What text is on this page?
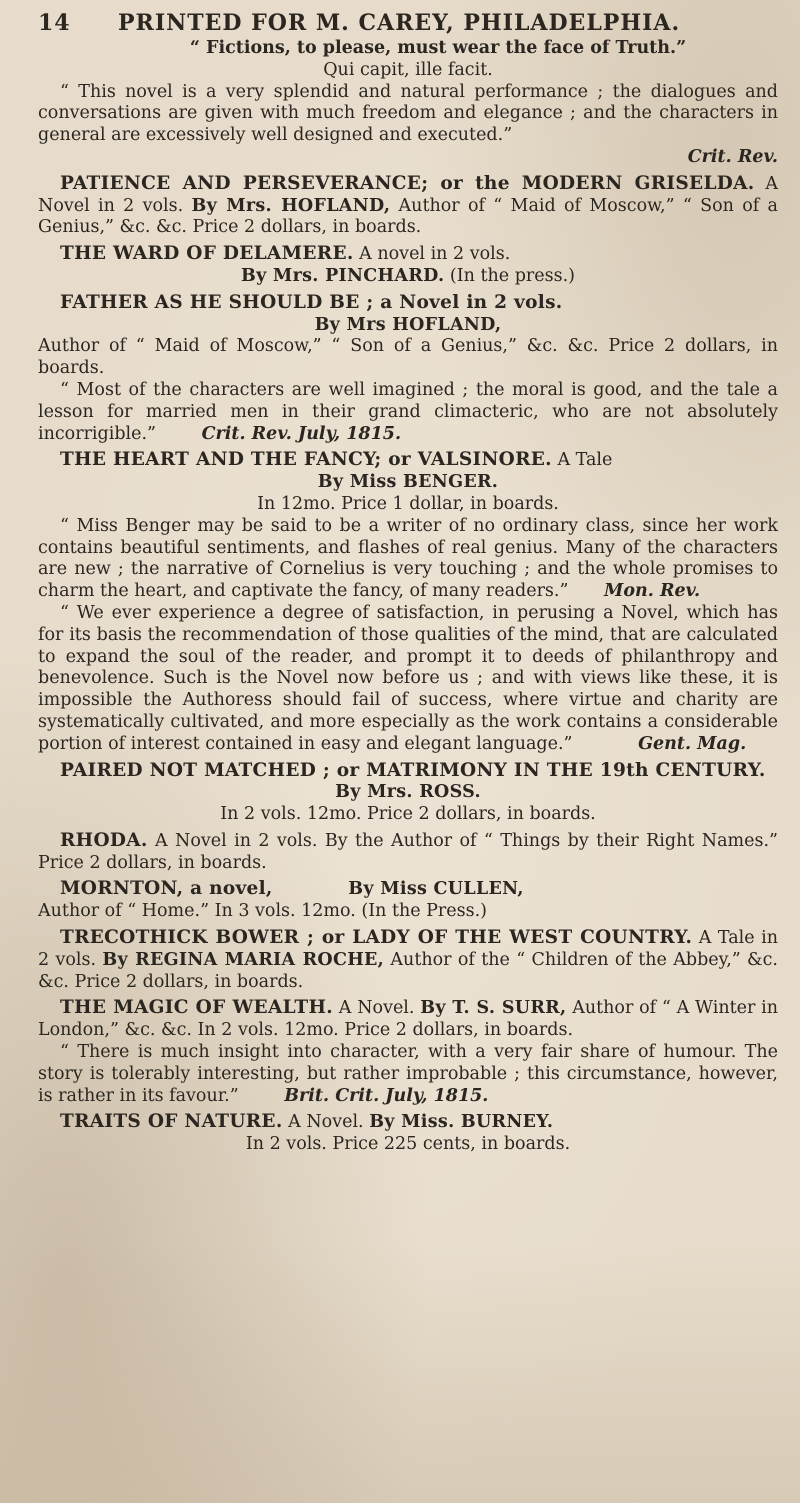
14	PRINTED FOR M. CAREY, PHILADELPHIA.

“ Fictions, to please, must wear the face of Truth.”

Qui capit, ille facit.

“ This novel is a very splendid and natural performance ; the dialogues and conversations are given with much freedom and elegance ; and the characters in general are excessively well designed and executed.”

Crit. Rev.

PATIENCE AND PERSEVERANCE; or the MODERN GRISELDA. A Novel in 2 vols. By Mrs. HOFLAND, Author of “ Maid of Moscow,” “ Son of a Genius,” &c. &c. Price 2 dollars, in boards.

THE WARD OF DELAMERE. A novel in 2 vols.

By Mrs. PINCHARD. (In the press.)

FATHER AS HE SHOULD BE ; a Novel in 2 vols.

By Mrs HOFLAND,

Author of “ Maid of Moscow,” “ Son of a Genius,” &c. &c. Price 2 dollars, in boards.

“ Most of the characters are well imagined ; the moral is good, and the tale a lesson for married men in their grand climacteric, who are not absolutely incorrigible.”	Crit. Rev. July, 1815.

THE HEART AND THE FANCY; or VALSINORE. A Tale

By Miss BENGER.

In 12mo. Price 1 dollar, in boards.

“ Miss Benger may be said to be a writer of no ordinary class, since her work contains beautiful sentiments, and flashes of real genius. Many of the characters are new ; the narrative of Cornelius is very touching ; and the whole promises to charm the heart, and captivate the fancy, of many readers.” Mon. Rev.

“ We ever experience a degree of satisfaction, in perusing a Novel, which has for its basis the recommendation of those qualities of the mind, that are calculated to expand the soul of the reader, and prompt it to deeds of philanthropy and benevolence. Such is the Novel now before us ; and with views like these, it is impossible the Authoress should fail of success, where virtue and charity are systematically cultivated, and more especially as the work contains a considerable portion of interest contained in easy and elegant language.”	Gent. Mag.

PAIRED NOT MATCHED ; or MATRIMONY IN THE 19th CENTURY.

By Mrs. ROSS.

In 2 vols. 12mo. Price 2 dollars, in boards.

RHODA. A Novel in 2 vols. By the Author of “ Things by their Right Names.” Price 2 dollars, in boards.

MORNTON, a novel,	By Miss CULLEN,

Author of “ Home.” In 3 vols. 12mo. (In the Press.)

TRECOTHICK BOWER ; or LADY OF THE WEST COUNTRY. A Tale in 2 vols. By REGINA MARIA ROCHE, Author of the “ Children of the Abbey,” &c. &c. Price 2 dollars, in boards.

THE MAGIC OF WEALTH. A Novel. By T. S. SURR, Author of “ A Winter in London,” &c. &c. In 2 vols. 12mo. Price 2 dollars, in boards.

“ There is much insight into character, with a very fair share of humour. The story is tolerably interesting, but rather improbable ; this circumstance, however, is rather in its favour.”	Brit. Crit. July, 1815.

TRAITS OF NATURE. A Novel. By Miss. BURNEY.

In 2 vols. Price 225 cents, in boards.
